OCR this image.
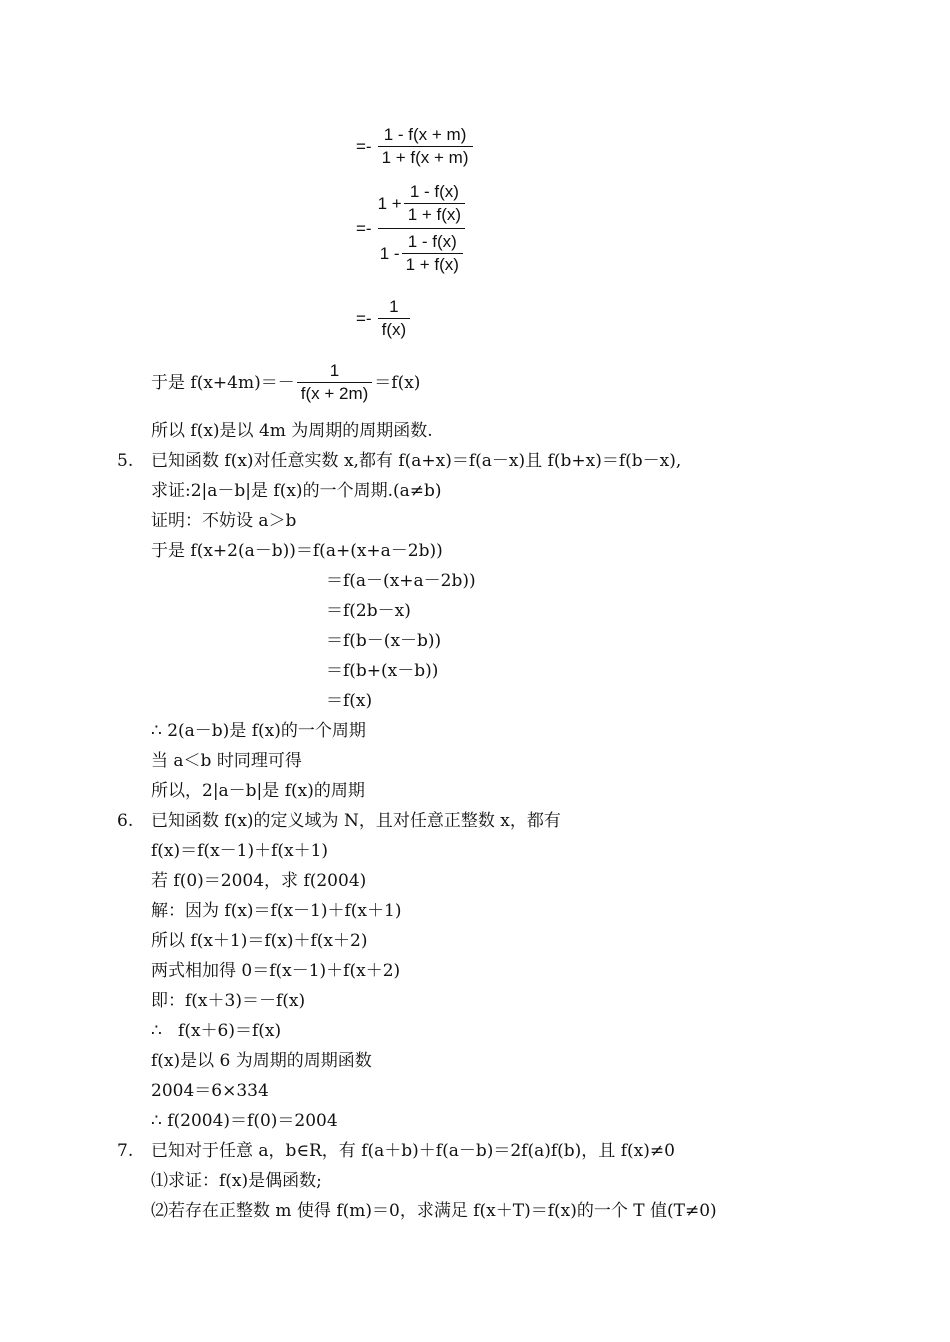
=-
1 - f(x + m)
1 + f(x + m)
=-
1 +
1 - f(x)
1 + f(x)
1 -
1 - f(x)
1 + f(x)
=-
1
f(x)
于是 f(x+4m)＝－
1
f(x + 2m)
＝f(x)
所以 f(x)是以 4m 为周期的周期函数.
5. 已知函数 f(x)对任意实数 x,都有 f(a+x)＝f(a－x)且 f(b+x)＝f(b－x),
求证:2|a－b|是 f(x)的一个周期.(a≠b)
证明：不妨设 a＞b
于是 f(x+2(a－b))＝f(a+(x+a－2b))
＝f(a－(x+a－2b))
＝f(2b－x)
＝f(b－(x－b))
＝f(b+(x－b))
＝f(x)
∴ 2(a－b)是 f(x)的一个周期
当 a＜b 时同理可得
所以，2|a－b|是 f(x)的周期
6. 已知函数 f(x)的定义域为 N，且对任意正整数 x，都有
f(x)＝f(x－1)＋f(x＋1)
若 f(0)＝2004，求 f(2004)
解：因为 f(x)＝f(x－1)＋f(x＋1)
所以 f(x＋1)＝f(x)＋f(x＋2)
两式相加得 0＝f(x－1)＋f(x＋2)
即：f(x＋3)＝－f(x)
∴   f(x＋6)＝f(x)
f(x)是以 6 为周期的周期函数
2004＝6×334
∴ f(2004)＝f(0)＝2004
7. 已知对于任意 a，b∈R，有 f(a＋b)＋f(a－b)＝2f(a)f(b)，且 f(x)≠0
⑴求证：f(x)是偶函数;
⑵若存在正整数 m 使得 f(m)＝0，求满足 f(x＋T)＝f(x)的一个 T 值(T≠0)
